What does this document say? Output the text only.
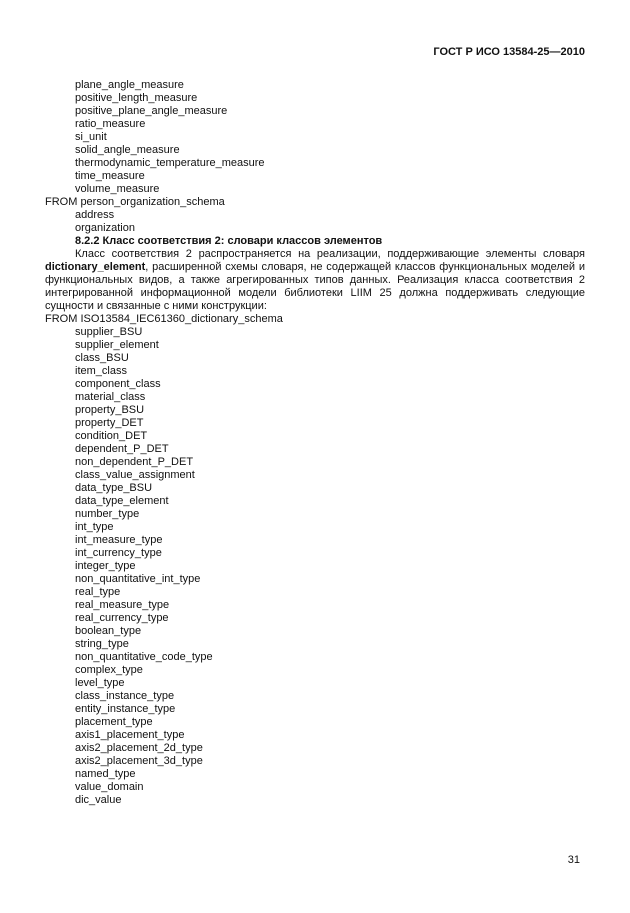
ГОСТ Р ИСО 13584-25—2010
plane_angle_measure
positive_length_measure
positive_plane_angle_measure
ratio_measure
si_unit
solid_angle_measure
thermodynamic_temperature_measure
time_measure
volume_measure
FROM person_organization_schema
address
organization

8.2.2 Класс соответствия 2: словари классов элементов

Класс соответствия 2 распространяется на реализации, поддерживающие элементы словаря dictionary_element, расширенной схемы словаря, не содержащей классов функциональных моделей и функциональных видов, а также агрегированных типов данных. Реализация класса соответствия 2 интегрированной информационной модели библиотеки LIIM 25 должна поддерживать следующие сущности и связанные с ними конструкции:

FROM ISO13584_IEC61360_dictionary_schema
supplier_BSU
supplier_element
class_BSU
item_class
component_class
material_class
property_BSU
property_DET
condition_DET
dependent_P_DET
non_dependent_P_DET
class_value_assignment
data_type_BSU
data_type_element
number_type
int_type
int_measure_type
int_currency_type
integer_type
non_quantitative_int_type
real_type
real_measure_type
real_currency_type
boolean_type
string_type
non_quantitative_code_type
complex_type
level_type
class_instance_type
entity_instance_type
placement_type
axis1_placement_type
axis2_placement_2d_type
axis2_placement_3d_type
named_type
value_domain
dic_value
31
